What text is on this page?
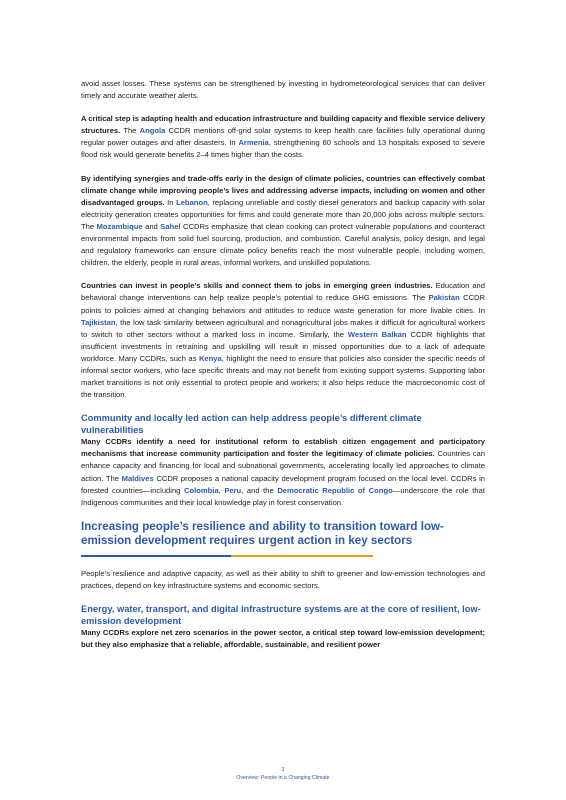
avoid asset losses. These systems can be strengthened by investing in hydrometeorological services that can deliver timely and accurate weather alerts.

A critical step is adapting health and education infrastructure and building capacity and flexible service delivery structures. The Angola CCDR mentions off-grid solar systems to keep health care facilities fully operational during regular power outages and after disasters. In Armenia, strengthening 60 schools and 13 hospitals exposed to severe flood risk would generate benefits 2–4 times higher than the costs.

By identifying synergies and trade-offs early in the design of climate policies, countries can effectively combat climate change while improving people’s lives and addressing adverse impacts, including on women and other disadvantaged groups. In Lebanon, replacing unreliable and costly diesel generators and backup capacity with solar electricity generation creates opportunities for firms and could generate more than 20,000 jobs across multiple sectors. The Mozambique and Sahel CCDRs emphasize that clean cooking can protect vulnerable populations and counteract environmental impacts from solid fuel sourcing, production, and combustion. Careful analysis, policy design, and legal and regulatory frameworks can ensure climate policy benefits reach the most vulnerable people, including women, children, the elderly, people in rural areas, informal workers, and unskilled populations.

Countries can invest in people’s skills and connect them to jobs in emerging green industries. Education and behavioral change interventions can help realize people’s potential to reduce GHG emissions. The Pakistan CCDR points to policies aimed at changing behaviors and attitudes to reduce waste generation for more livable cities. In Tajikistan, the low task similarity between agricultural and nonagricultural jobs makes it difficult for agricultural workers to switch to other sectors without a marked loss in income. Similarly, the Western Balkan CCDR highlights that insufficient investments in retraining and upskilling will result in missed opportunities due to a lack of adequate workforce. Many CCDRs, such as Kenya, highlight the need to ensure that policies also consider the specific needs of informal sector workers, who face specific threats and may not benefit from existing support systems. Supporting labor market transitions is not only essential to protect people and workers; it also helps reduce the macroeconomic cost of the transition.

Community and locally led action can help address people’s different climate vulnerabilities

Many CCDRs identify a need for institutional reform to establish citizen engagement and participatory mechanisms that increase community participation and foster the legitimacy of climate policies. Countries can enhance capacity and financing for local and subnational governments, accelerating locally led approaches to climate action. The Maldives CCDR proposes a national capacity development program focused on the local level. CCDRs in forested countries—including Colombia, Peru, and the Democratic Republic of Congo—underscore the role that Indigenous communities and their local knowledge play in forest conservation.

Increasing people’s resilience and ability to transition toward low-emission development requires urgent action in key sectors

People’s resilience and adaptive capacity, as well as their ability to shift to greener and low-emission technologies and practices, depend on key infrastructure systems and economic sectors.

Energy, water, transport, and digital infrastructure systems are at the core of resilient, low-emission development

Many CCDRs explore net zero scenarios in the power sector, a critical step toward low-emission development; but they also emphasize that a reliable, affordable, sustainable, and resilient power

3
Overview: People in a Changing Climate
